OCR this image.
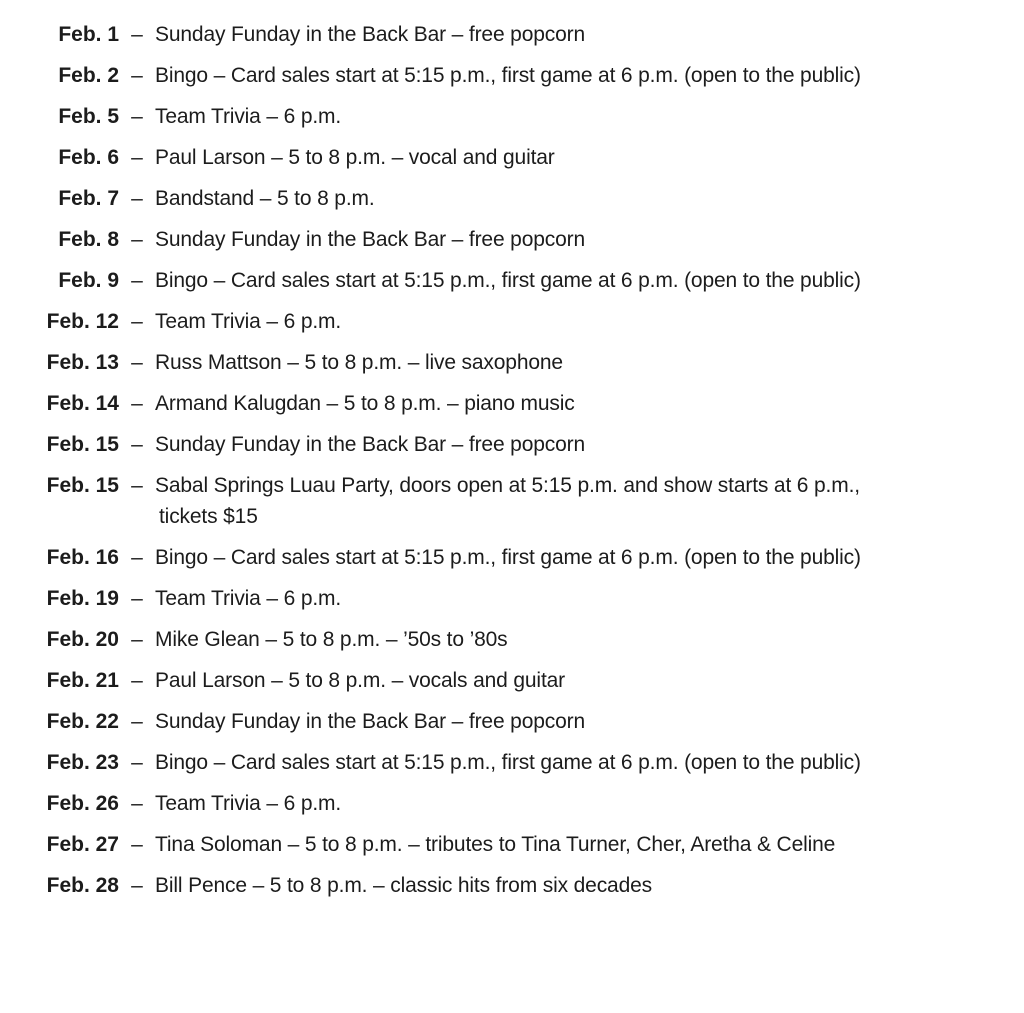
Feb. 1 – Sunday Funday in the Back Bar – free popcorn
Feb. 2 – Bingo – Card sales start at 5:15 p.m., first game at 6 p.m. (open to the public)
Feb. 5 – Team Trivia – 6 p.m.
Feb. 6 – Paul Larson – 5 to 8 p.m. – vocal and guitar
Feb. 7 – Bandstand – 5 to 8 p.m.
Feb. 8 – Sunday Funday in the Back Bar – free popcorn
Feb. 9 – Bingo – Card sales start at 5:15 p.m., first game at 6 p.m. (open to the public)
Feb. 12 – Team Trivia – 6 p.m.
Feb. 13 – Russ Mattson – 5 to 8 p.m. – live saxophone
Feb. 14 – Armand Kalugdan – 5 to 8 p.m. – piano music
Feb. 15 – Sunday Funday in the Back Bar – free popcorn
Feb. 15 – Sabal Springs Luau Party, doors open at 5:15 p.m. and show starts at 6 p.m.,
tickets $15
Feb. 16 – Bingo – Card sales start at 5:15 p.m., first game at 6 p.m. (open to the public)
Feb. 19 – Team Trivia – 6 p.m.
Feb. 20 – Mike Glean – 5 to 8 p.m. – ’50s to ’80s
Feb. 21 – Paul Larson – 5 to 8 p.m. – vocals and guitar
Feb. 22 – Sunday Funday in the Back Bar – free popcorn
Feb. 23 – Bingo – Card sales start at 5:15 p.m., first game at 6 p.m. (open to the public)
Feb. 26 – Team Trivia – 6 p.m.
Feb. 27 – Tina Soloman – 5 to 8 p.m. – tributes to Tina Turner, Cher, Aretha & Celine
Feb. 28 – Bill Pence – 5 to 8 p.m. – classic hits from six decades
